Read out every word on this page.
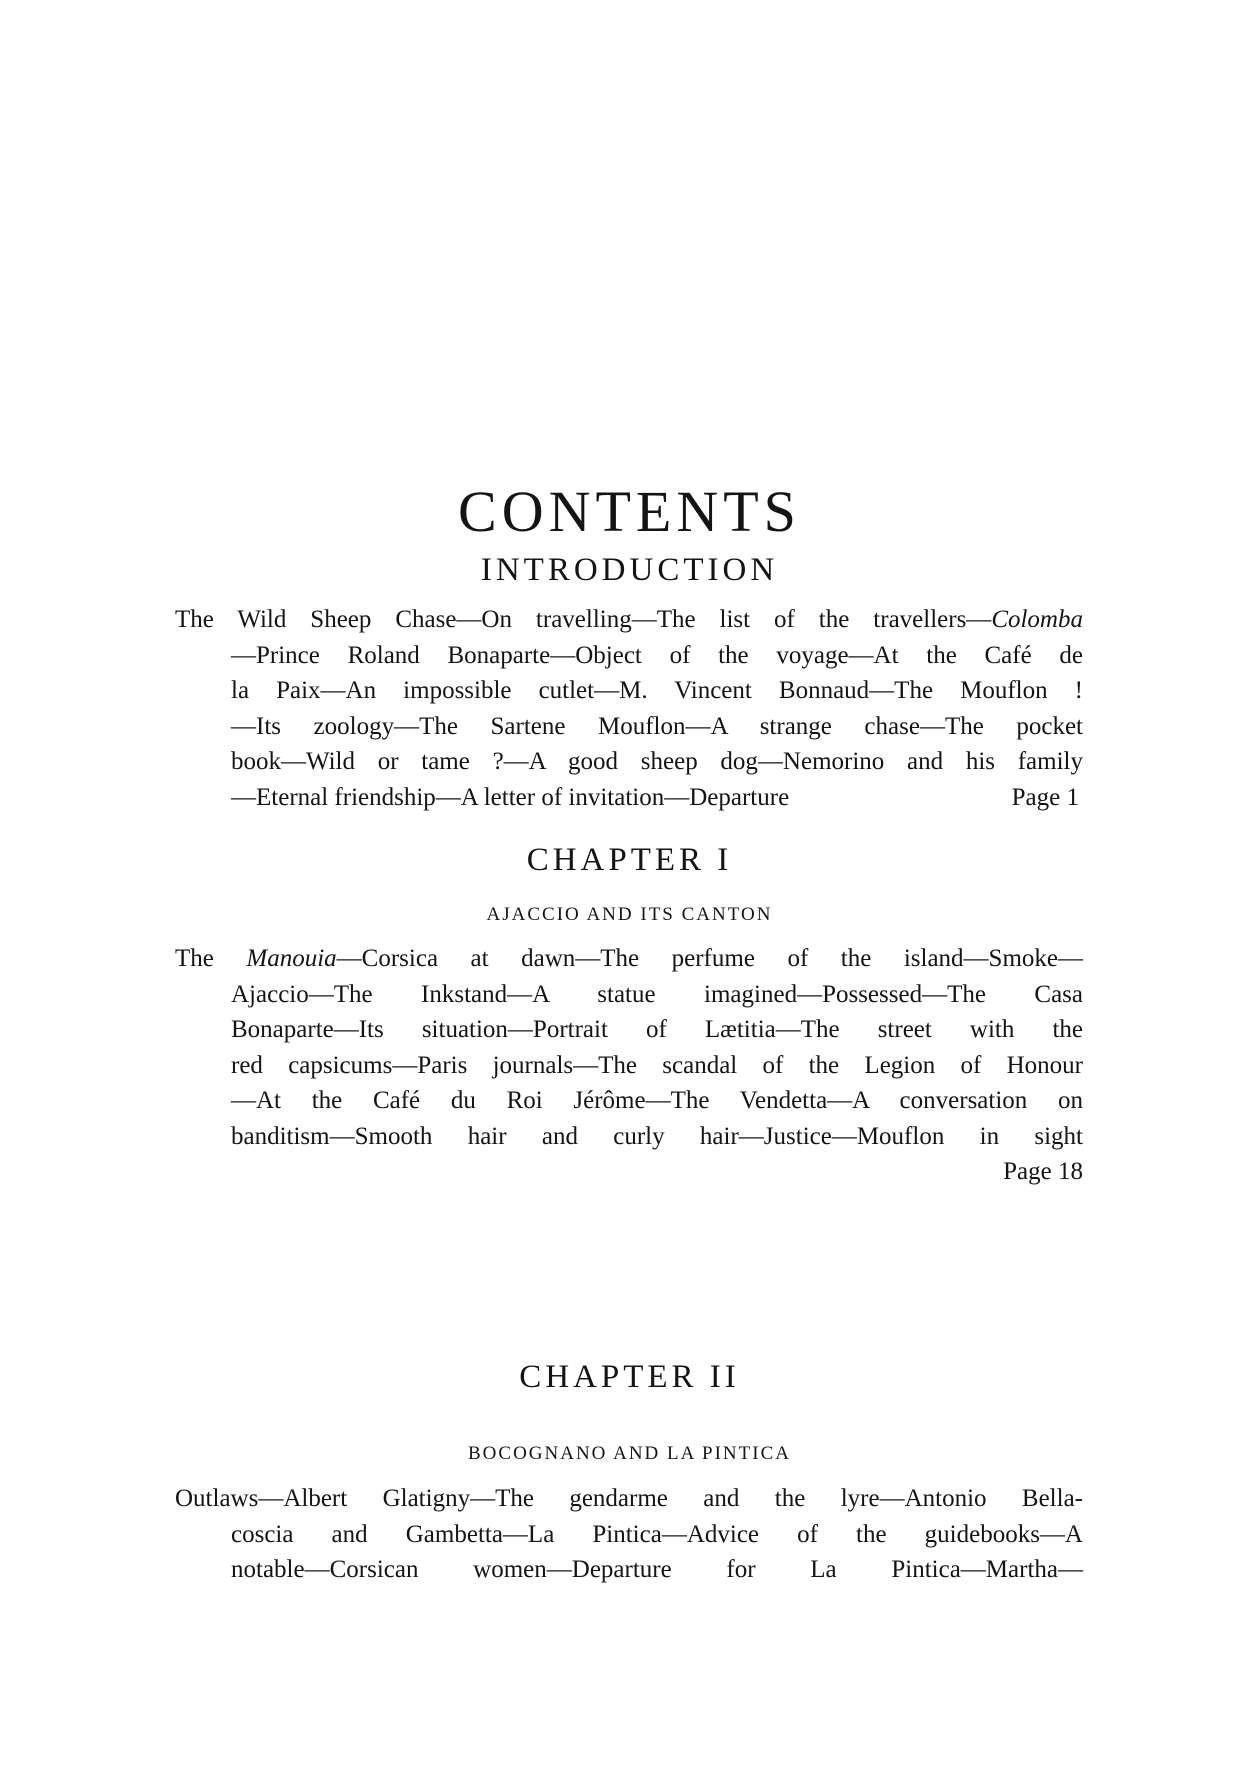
CONTENTS
INTRODUCTION
The Wild Sheep Chase—On travelling—The list of the travellers—Colomba
—Prince Roland Bonaparte—Object of the voyage—At the Café de
la Paix—An impossible cutlet—M. Vincent Bonnaud—The Mouflon !
—Its zoology—The Sartene Mouflon—A strange chase—The pocket
book—Wild or tame ?—A good sheep dog—Nemorino and his family
—Eternal friendship—A letter of invitation—Departure	Page 1
CHAPTER I
AJACCIO AND ITS CANTON
The Manouia—Corsica at dawn—The perfume of the island—Smoke—
Ajaccio—The Inkstand—A statue imagined—Possessed—The Casa
Bonaparte—Its situation—Portrait of Lætitia—The street with the
red capsicums—Paris journals—The scandal of the Legion of Honour
—At the Café du Roi Jérôme—The Vendetta—A conversation on
banditism—Smooth hair and curly hair—Justice—Mouflon in sight
Page 18
CHAPTER II
BOCOGNANO AND LA PINTICA
Outlaws—Albert Glatigny—The gendarme and the lyre—Antonio Bella-
coscia and Gambetta—La Pintica—Advice of the guidebooks—A
notable—Corsican women—Departure for La Pintica—Martha—
